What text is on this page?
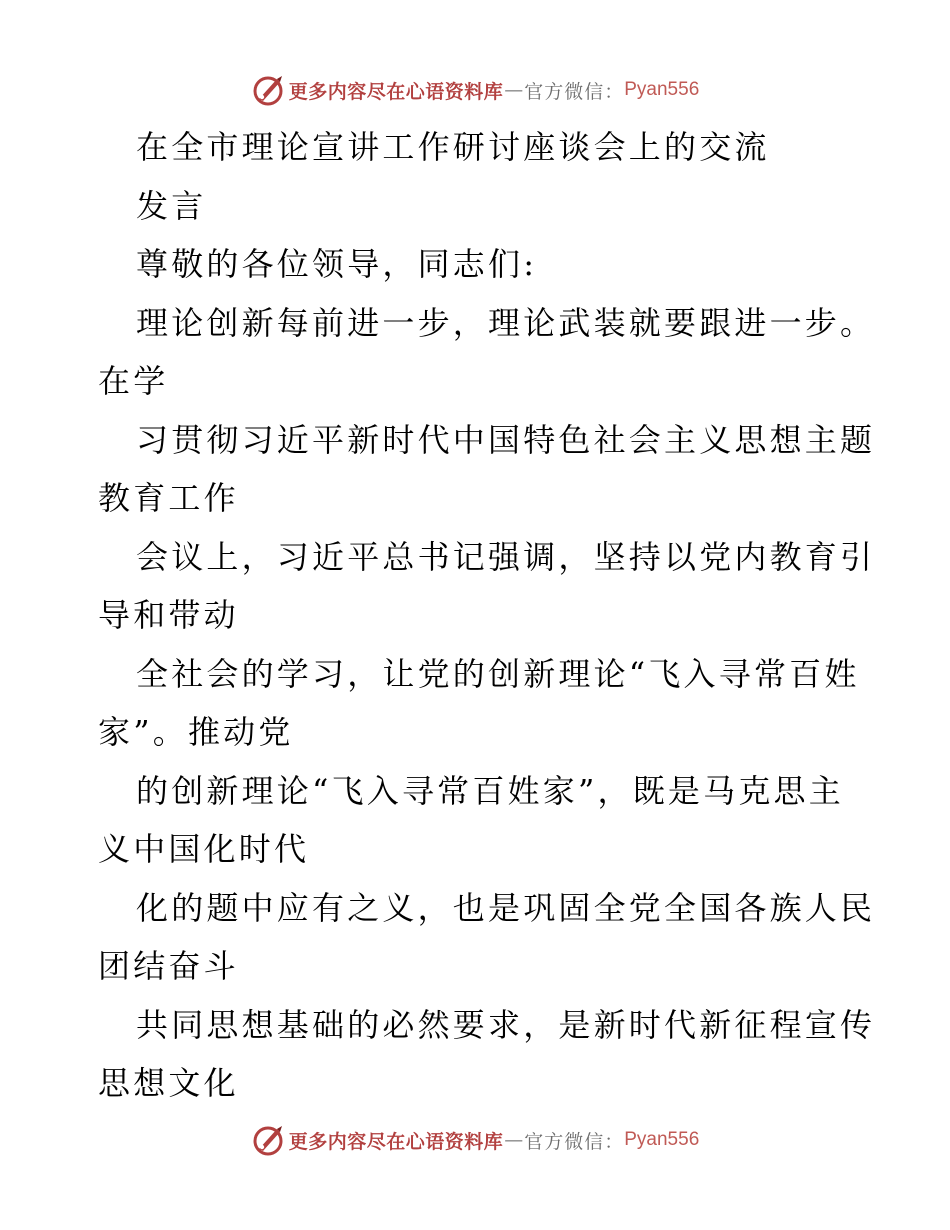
更多内容尽在心语资料库 — 官方微信： Pyan556
在全市理论宣讲工作研讨座谈会上的交流
发言
尊敬的各位领导，同志们:
理论创新每前进一步，理论武装就要跟进一步。
在学
习贯彻习近平新时代中国特色社会主义思想主题
教育工作
会议上，习近平总书记强调，坚持以党内教育引
导和带动
全社会的学习，让党的创新理论“飞入寻常百姓
家”。推动党
的创新理论“飞入寻常百姓家”，既是马克思主
义中国化时代
化的题中应有之义，也是巩固全党全国各族人民
团结奋斗
共同思想基础的必然要求，是新时代新征程宣传
思想文化
更多内容尽在心语资料库 — 官方微信： Pyan556
